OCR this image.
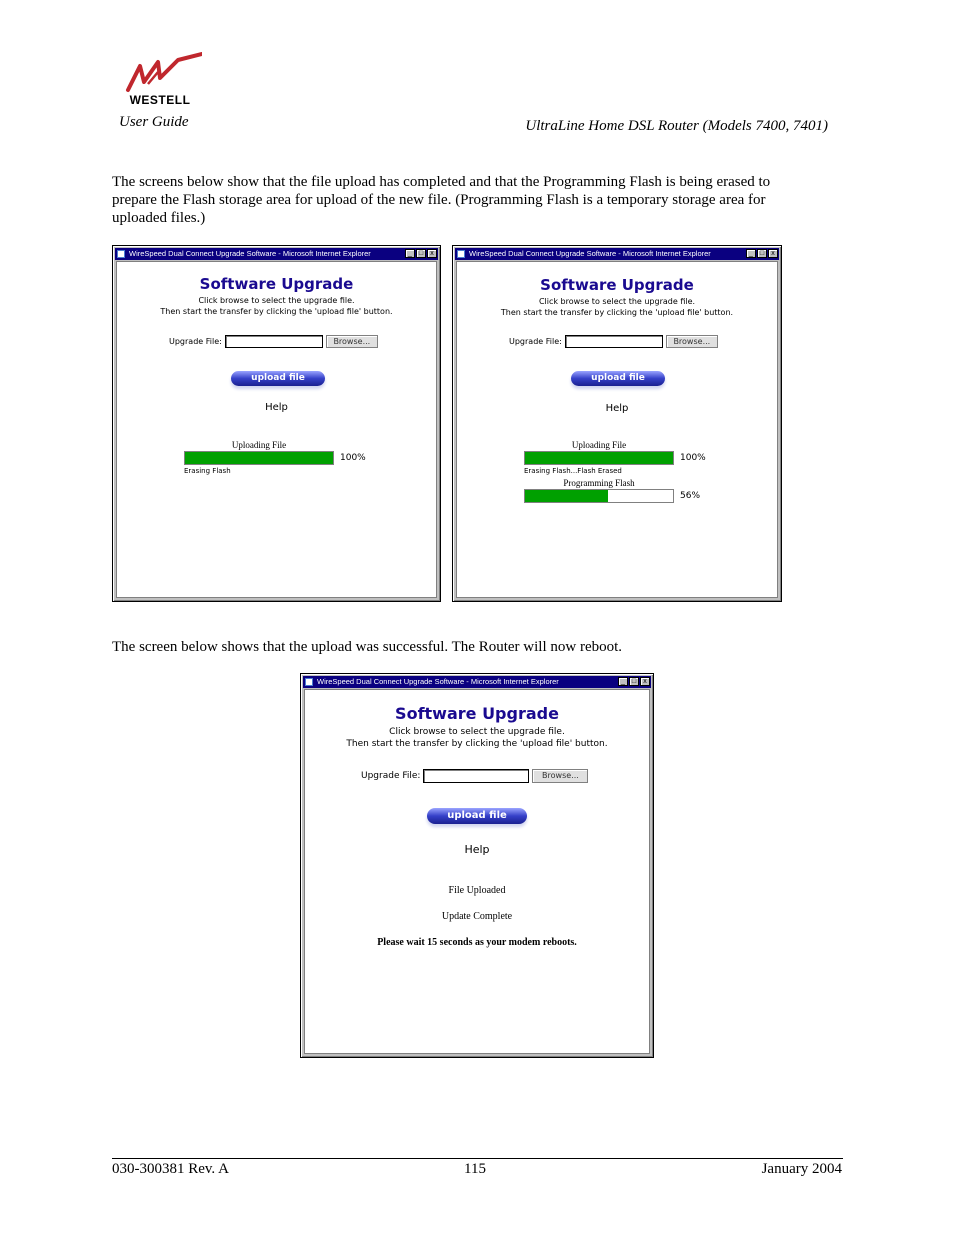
WESTELL
User Guide	UltraLine Home DSL Router (Models 7400, 7401)
The screens below show that the file upload has completed and that the Programming Flash is being erased to prepare the Flash storage area for upload of the new file. (Programming Flash is a temporary storage area for uploaded files.)
WireSpeed Dual Connect Upgrade Software - Microsoft Internet Explorer	_ □	x
Software Upgrade
Click browse to select the upgrade file.
Then start the transfer by clicking the 'upload file' button.
Upgrade File:	Browse...
upload file
Help
Uploading File
100%
Erasing Flash
WireSpeed Dual Connect Upgrade Software - Microsoft Internet Explorer	_ □	x
Software Upgrade
Click browse to select the upgrade file.
Then start the transfer by clicking the 'upload file' button.
Upgrade File:	Browse...
upload file
Help
Uploading File
100%
Erasing Flash...Flash Erased
Programming Flash
56%
The screen below shows that the upload was successful. The Router will now reboot.
WireSpeed Dual Connect Upgrade Software - Microsoft Internet Explorer	_ □	x
Software Upgrade
Click browse to select the upgrade file.
Then start the transfer by clicking the 'upload file' button.
Upgrade File:	Browse...
upload file
Help
File Uploaded
Update Complete
Please wait 15 seconds as your modem reboots.
030-300381 Rev. A	115	January 2004
